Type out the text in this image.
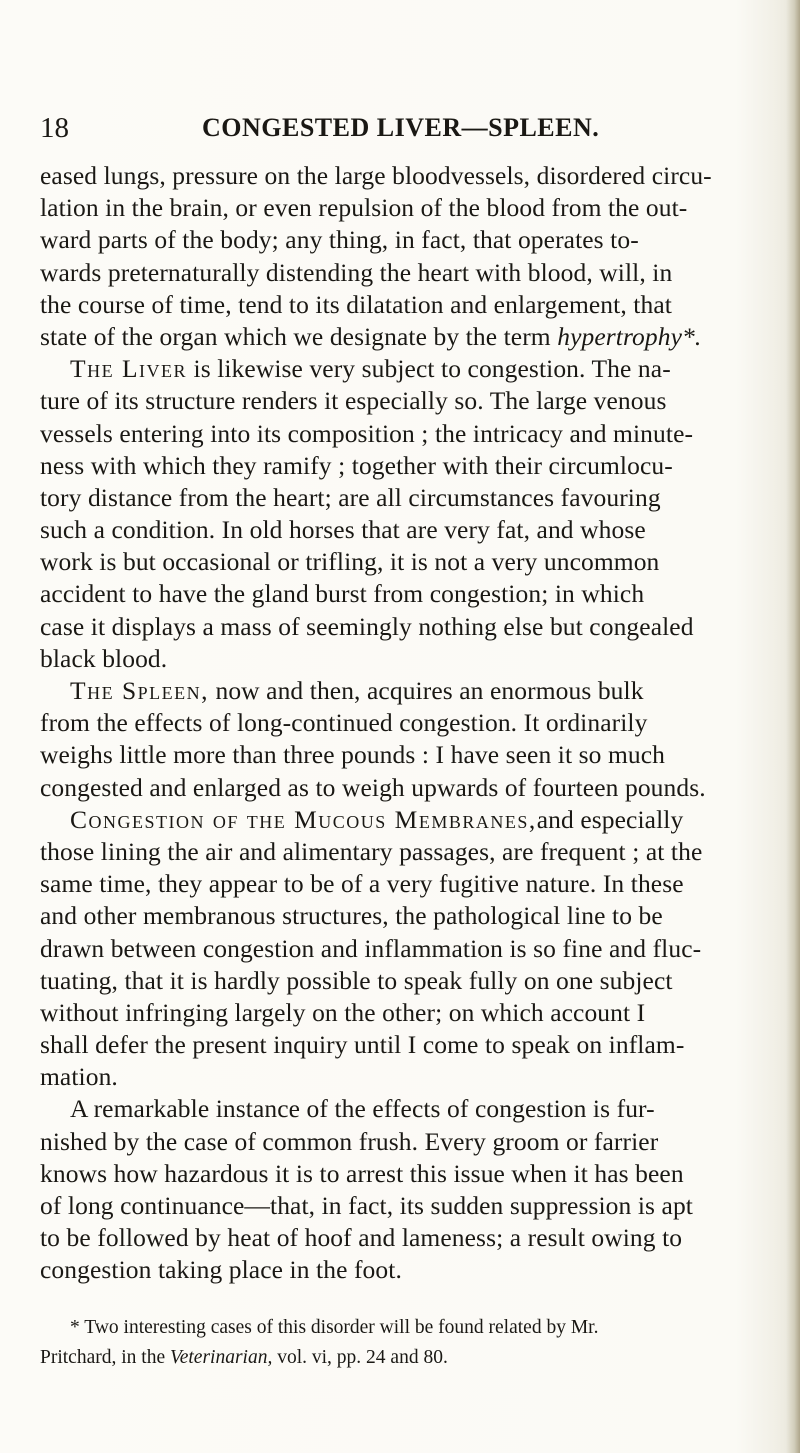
18	CONGESTED LIVER—SPLEEN.
eased lungs, pressure on the large bloodvessels, disordered circu-
lation in the brain, or even repulsion of the blood from the out-
ward parts of the body; any thing, in fact, that operates to-
wards preternaturally distending the heart with blood, will, in
the course of time, tend to its dilatation and enlargement, that
state of the organ which we designate by the term hypertrophy*.
The Liver is likewise very subject to congestion. The na-
ture of its structure renders it especially so. The large venous
vessels entering into its composition ; the intricacy and minute-
ness with which they ramify ; together with their circumlocu-
tory distance from the heart; are all circumstances favouring
such a condition. In old horses that are very fat, and whose
work is but occasional or trifling, it is not a very uncommon
accident to have the gland burst from congestion; in which
case it displays a mass of seemingly nothing else but congealed
black blood.
The Spleen, now and then, acquires an enormous bulk
from the effects of long-continued congestion. It ordinarily
weighs little more than three pounds : I have seen it so much
congested and enlarged as to weigh upwards of fourteen pounds.
Congestion of the Mucous Membranes,and especially
those lining the air and alimentary passages, are frequent ; at the
same time, they appear to be of a very fugitive nature. In these
and other membranous structures, the pathological line to be
drawn between congestion and inflammation is so fine and fluc-
tuating, that it is hardly possible to speak fully on one subject
without infringing largely on the other; on which account I
shall defer the present inquiry until I come to speak on inflam-
mation.
A remarkable instance of the effects of congestion is fur-
nished by the case of common frush. Every groom or farrier
knows how hazardous it is to arrest this issue when it has been
of long continuance—that, in fact, its sudden suppression is apt
to be followed by heat of hoof and lameness; a result owing to
congestion taking place in the foot.
* Two interesting cases of this disorder will be found related by Mr.
Pritchard, in the Veterinarian, vol. vi, pp. 24 and 80.
